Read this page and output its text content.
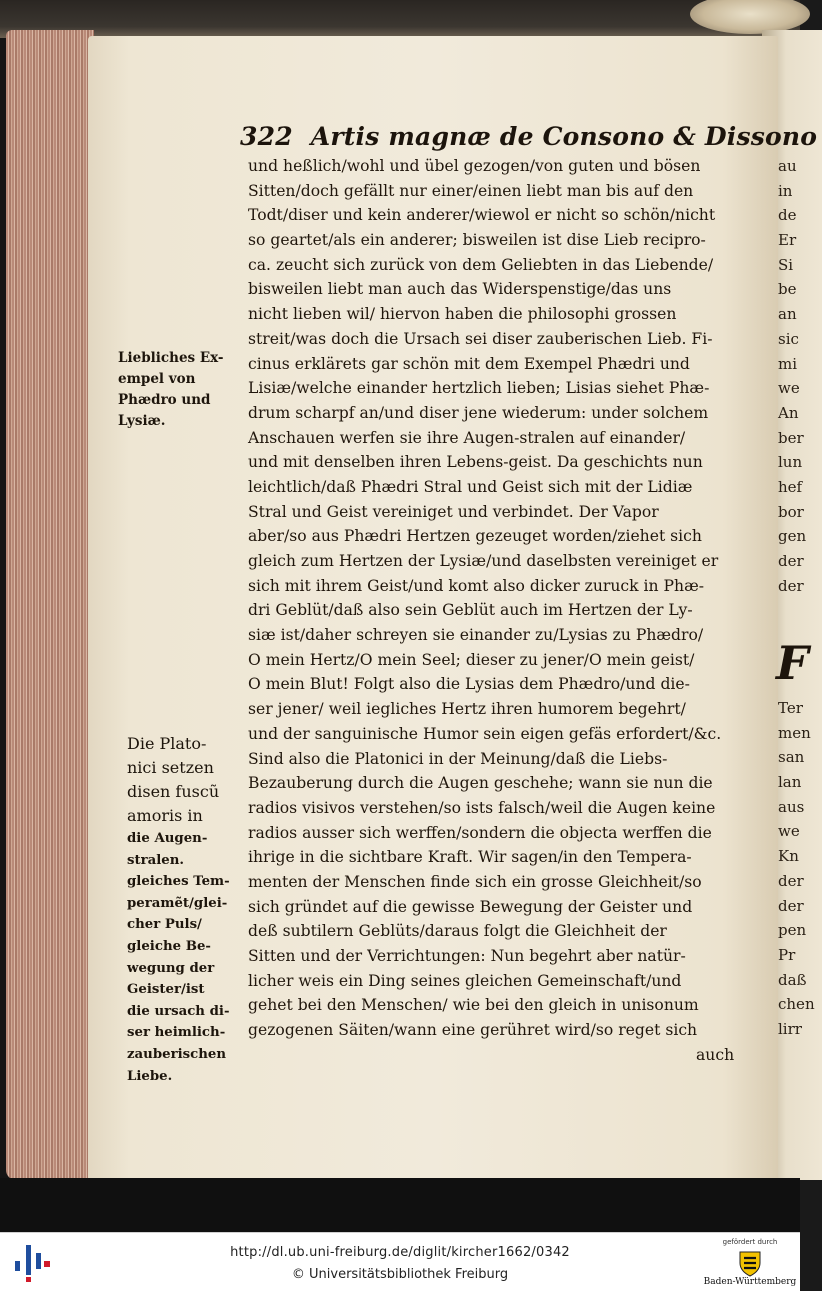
322 Artis magnæ de Consono & Dissono
und heßlich/wohl und übel gezogen/von guten und bösen
Sitten/doch gefällt nur einer/einen liebt man bis auf den
Todt/diser und kein anderer/wiewol er nicht so schön/nicht
so geartet/als ein anderer; bisweilen ist dise Lieb recipro-
ca. zeucht sich zurück von dem Geliebten in das Liebende/
bisweilen liebt man auch das Widerspenstige/das uns
nicht lieben wil/ hiervon haben die philosophi grossen
streit/was doch die Ursach sei diser zauberischen Lieb. Fi-
cinus erklärets gar schön mit dem Exempel Phædri und
Lisiæ/welche einander hertzlich lieben; Lisias siehet Phæ-
drum scharpf an/und diser jene wiederum: under solchem
Anschauen werfen sie ihre Augen-stralen auf einander/
und mit denselben ihren Lebens-geist. Da geschichts nun
leichtlich/daß Phædri Stral und Geist sich mit der Lidiæ
Stral und Geist vereiniget und verbindet. Der Vapor
aber/so aus Phædri Hertzen gezeuget worden/ziehet sich
gleich zum Hertzen der Lysiæ/und daselbsten vereiniget er
sich mit ihrem Geist/und komt also dicker zuruck in Phæ-
dri Geblüt/daß also sein Geblüt auch im Hertzen der Ly-
siæ ist/daher schreyen sie einander zu/Lysias zu Phædro/
O mein Hertz/O mein Seel; dieser zu jener/O mein geist/
O mein Blut! Folgt also die Lysias dem Phædro/und die-
ser jener/ weil iegliches Hertz ihren humorem begehrt/
und der sanguinische Humor sein eigen gefäs erfordert/&c.
Sind also die Platonici in der Meinung/daß die Liebs-
Bezauberung durch die Augen geschehe; wann sie nun die
radios visivos verstehen/so ists falsch/weil die Augen keine
radios ausser sich werffen/sondern die objecta werffen die
ihrige in die sichtbare Kraft. Wir sagen/in den Tempera-
menten der Menschen finde sich ein grosse Gleichheit/so
sich gründet auf die gewisse Bewegung der Geister und
deß subtilern Geblüts/daraus folgt die Gleichheit der
Sitten und der Verrichtungen: Nun begehrt aber natür-
licher weis ein Ding seines gleichen Gemeinschaft/und
gehet bei den Menschen/ wie bei den gleich in unisonum
gezogenen Säiten/wann eine gerühret wird/so reget sich
Liebliches Ex-
empel von
Phædro und
Lysiæ.
Die Plato-
nici setzen
disen fuscũ
amoris in
die Augen-
stralen.
gleiches Tem-
peramẽt/glei-
cher Puls/
gleiche Be-
wegung der
Geister/ist
die ursach di-
ser heimlich-
zauberischen
Liebe.
auch
au
in
de
Er
Si
be
an
sic
mi
we
An
ber
lun
hef
bor
gen
der
der
F
Ter
men
san
lan
aus
we
Kn
der
der
pen
Pr
daß
chen
lirr
http://dl.ub.uni-freiburg.de/diglit/kircher1662/0342
© Universitätsbibliothek Freiburg
gefördert durch
Baden-Württemberg
